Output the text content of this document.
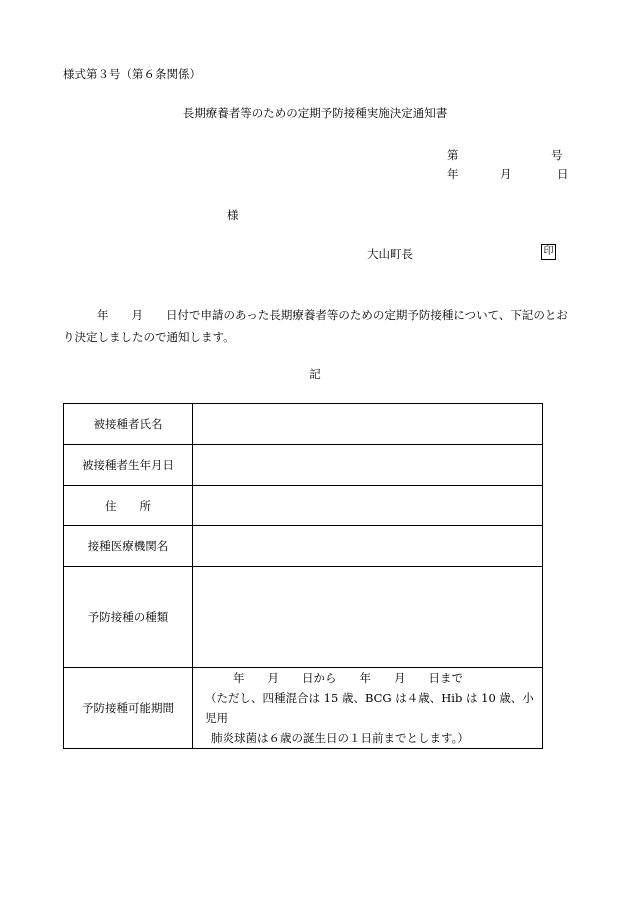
様式第３号（第６条関係）
長期療養者等のための定期予防接種実施決定通知書
第	号
年	月	日
様
大山町長	印
年　　月　　日付で申請のあった長期療養者等のための定期予防接種について、下記のとおり決定しましたので通知します。
記
被接種者氏名	
被接種者生年月日	
住　　所	
接種医療機関名	
予防接種の種類	
予防接種可能期間	年　　月　　日から　　年　　月　　日まで
（ただし、四種混合は 15 歳、BCG は４歳、Hib は 10 歳、小児用
肺炎球菌は６歳の誕生日の１日前までとします。）
